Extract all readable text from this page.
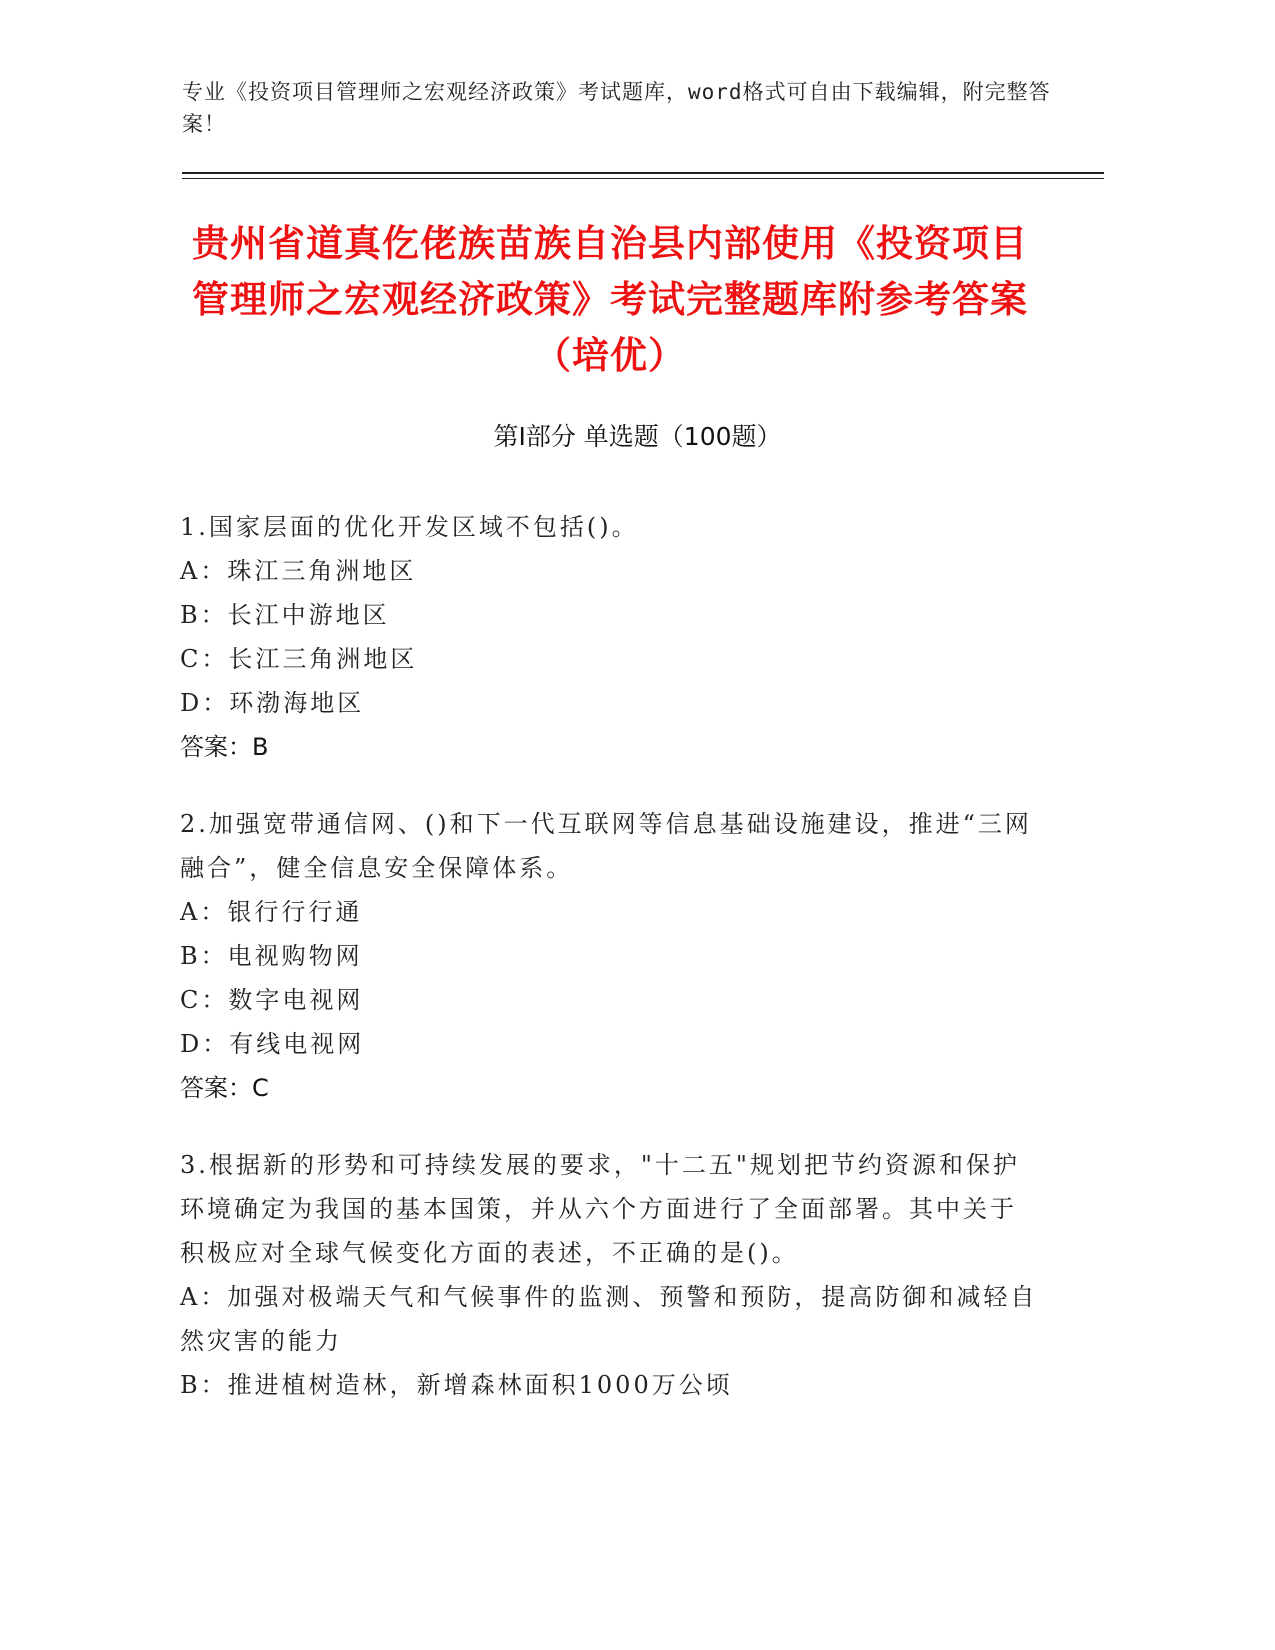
专业《投资项目管理师之宏观经济政策》考试题库，word格式可自由下载编辑，附完整答案！
贵州省道真仡佬族苗族自治县内部使用《投资项目管理师之宏观经济政策》考试完整题库附参考答案（培优）
第Ⅰ部分 单选题（100题）
1.国家层面的优化开发区域不包括()。
A：珠江三角洲地区
B：长江中游地区
C：长江三角洲地区
D：环渤海地区
答案：B
2.加强宽带通信网、()和下一代互联网等信息基础设施建设，推进“三网融合”，健全信息安全保障体系。
A：银行行行通
B：电视购物网
C：数字电视网
D：有线电视网
答案：C
3.根据新的形势和可持续发展的要求，"十二五"规划把节约资源和保护环境确定为我国的基本国策，并从六个方面进行了全面部署。其中关于积极应对全球气候变化方面的表述，不正确的是()。
A：加强对极端天气和气候事件的监测、预警和预防，提高防御和减轻自然灾害的能力
B：推进植树造林，新增森林面积1000万公顷
